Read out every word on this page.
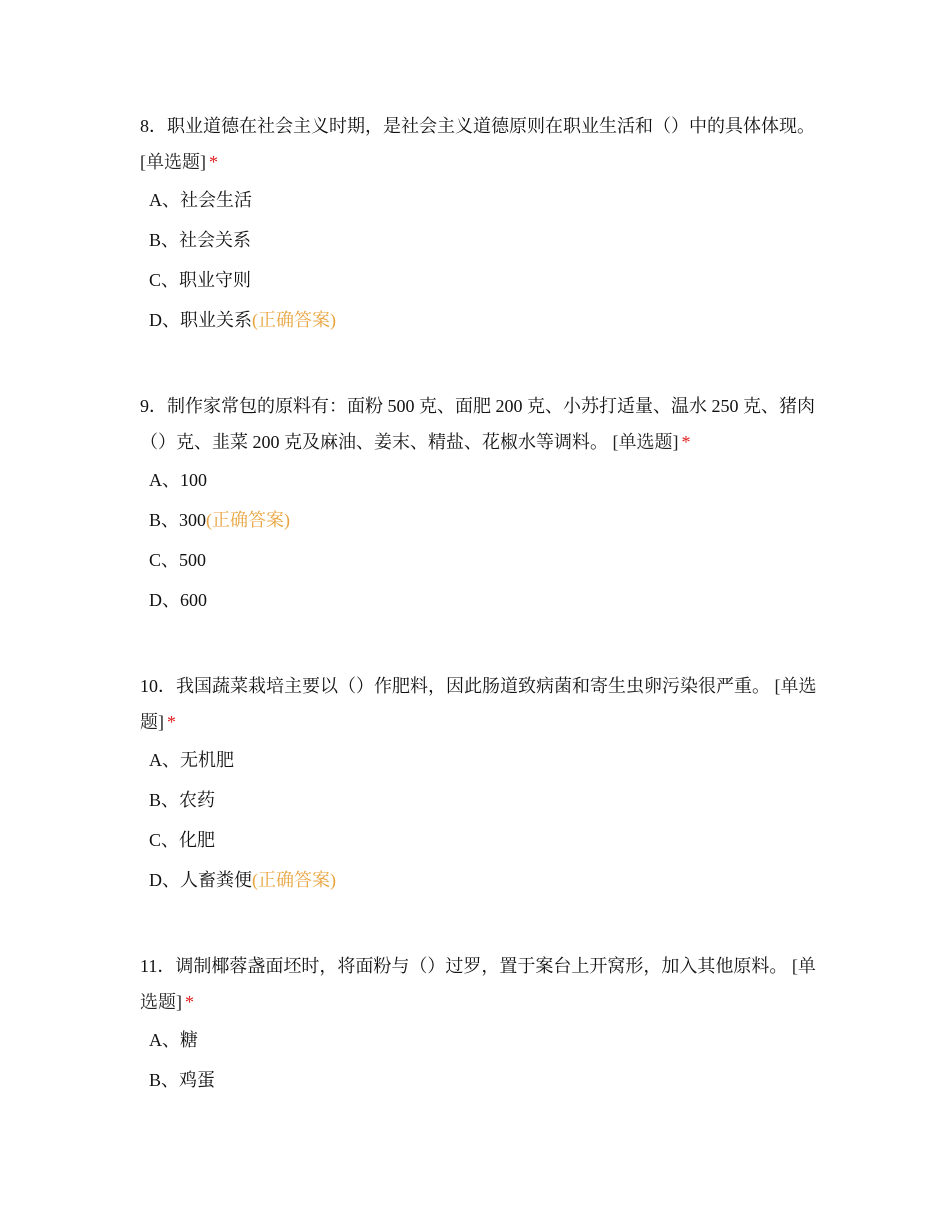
8．职业道德在社会主义时期，是社会主义道德原则在职业生活和（）中的具体体现。 [单选题] *

A、社会生活
B、社会关系
C、职业守则
D、职业关系(正确答案)

9．制作家常包的原料有：面粉 500 克、面肥 200 克、小苏打适量、温水 250 克、猪肉（）克、韭菜 200 克及麻油、姜末、精盐、花椒水等调料。 [单选题] *

A、100
B、300(正确答案)
C、500
D、600

10．我国蔬菜栽培主要以（）作肥料，因此肠道致病菌和寄生虫卵污染很严重。 [单选题] *

A、无机肥
B、农药
C、化肥
D、人畜粪便(正确答案)

11．调制椰蓉盏面坯时，将面粉与（）过罗，置于案台上开窝形，加入其他原料。 [单选题] *

A、糖
B、鸡蛋
